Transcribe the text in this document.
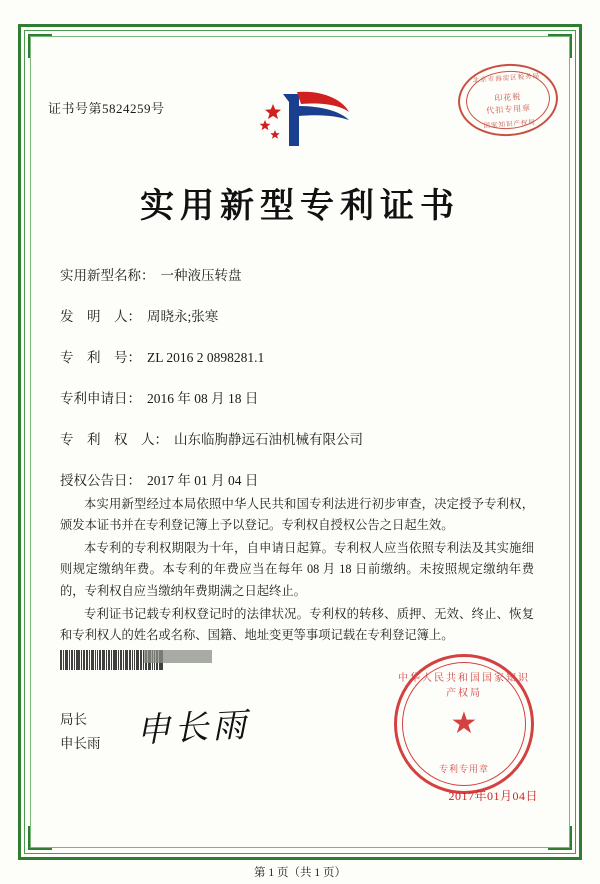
证书号第5824259号
北京市海淀区税务局
印花税
代扣专用章
国家知识产权局
实用新型专利证书
实用新型名称： 一种液压转盘
发　明　人： 周晓永;张寒
专　利　号： ZL 2016 2 0898281.1
专利申请日： 2016 年 08 月 18 日
专　利　权　人： 山东临朐静远石油机械有限公司
授权公告日： 2017 年 01 月 04 日

本实用新型经过本局依照中华人民共和国专利法进行初步审查，决定授予专利权，颁发本证书并在专利登记簿上予以登记。专利权自授权公告之日起生效。

本专利的专利权期限为十年，自申请日起算。专利权人应当依照专利法及其实施细则规定缴纳年费。本专利的年费应当在每年 08 月 18 日前缴纳。未按照规定缴纳年费的，专利权自应当缴纳年费期满之日起终止。

专利证书记载专利权登记时的法律状况。专利权的转移、质押、无效、终止、恢复和专利权人的姓名或名称、国籍、地址变更等事项记载在专利登记簿上。

局长
申长雨 申长雨
中华人民共和国国家知识产权局
★
专利专用章
2017年01月04日
第 1 页（共 1 页）
